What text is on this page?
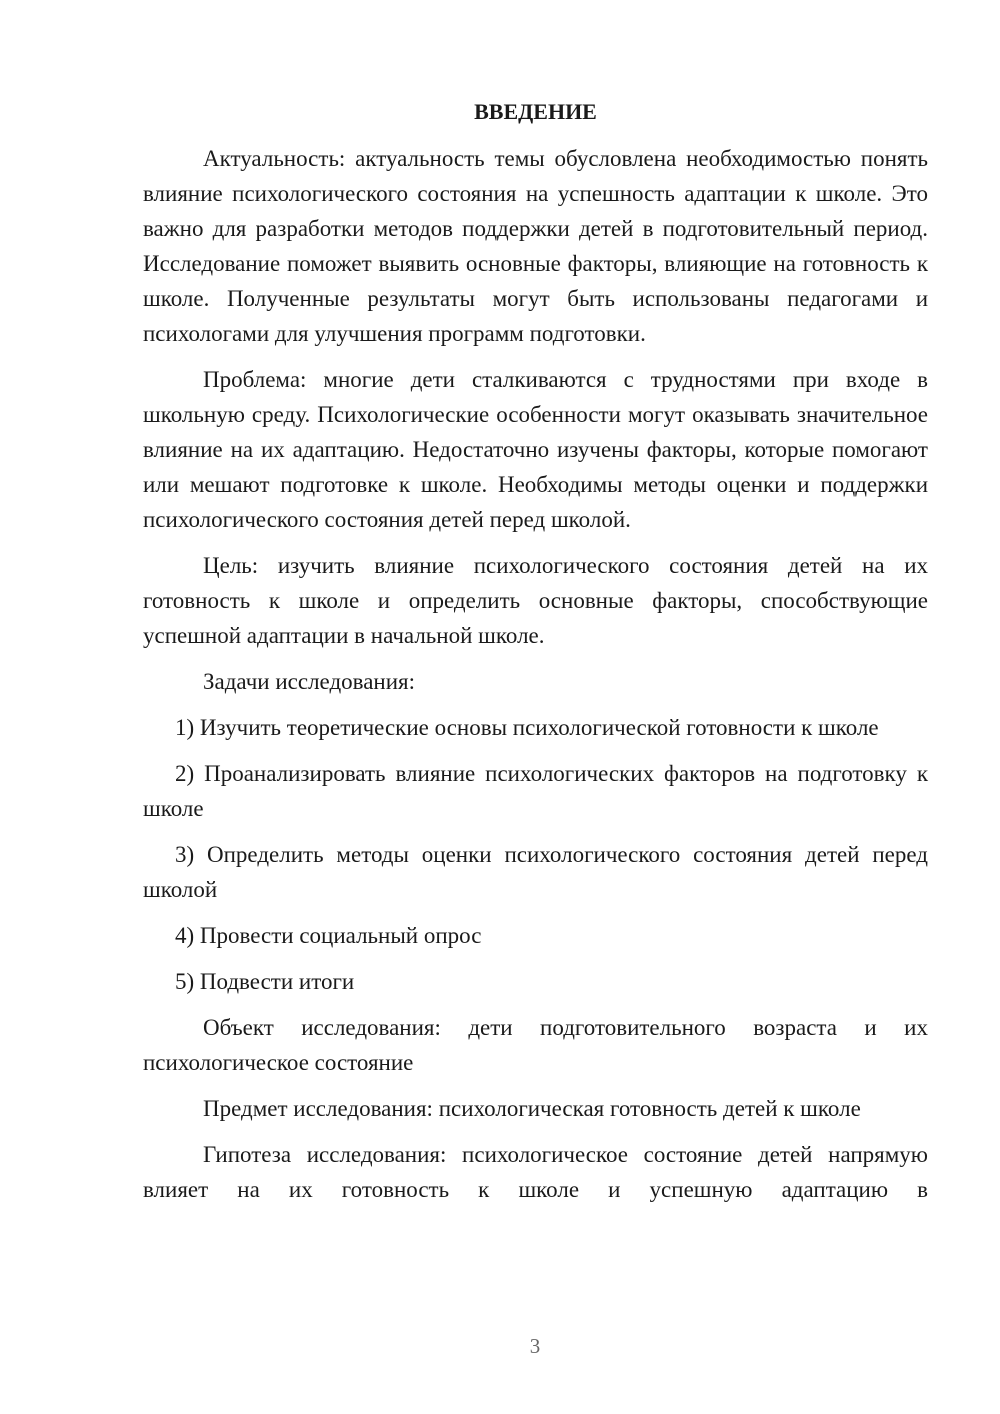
ВВЕДЕНИЕ

Актуальность: актуальность темы обусловлена необходимостью понять влияние психологического состояния на успешность адаптации к школе. Это важно для разработки методов поддержки детей в подготовительный период. Исследование поможет выявить основные факторы, влияющие на готовность к школе. Полученные результаты могут быть использованы педагогами и психологами для улучшения программ подготовки.

Проблема: многие дети сталкиваются с трудностями при входе в школьную среду. Психологические особенности могут оказывать значительное влияние на их адаптацию. Недостаточно изучены факторы, которые помогают или мешают подготовке к школе. Необходимы методы оценки и поддержки психологического состояния детей перед школой.

Цель: изучить влияние психологического состояния детей на их готовность к школе и определить основные факторы, способствующие успешной адаптации в начальной школе.

Задачи исследования:

1) Изучить теоретические основы психологической готовности к школе

2) Проанализировать влияние психологических факторов на подготовку к школе

3) Определить методы оценки психологического состояния детей перед школой

4) Провести социальный опрос

5) Подвести итоги

Объект исследования: дети подготовительного возраста и их психологическое состояние

Предмет исследования: психологическая готовность детей к школе

Гипотеза исследования: психологическое состояние детей напрямую влияет на их готовность к школе и успешную адаптацию в

3
